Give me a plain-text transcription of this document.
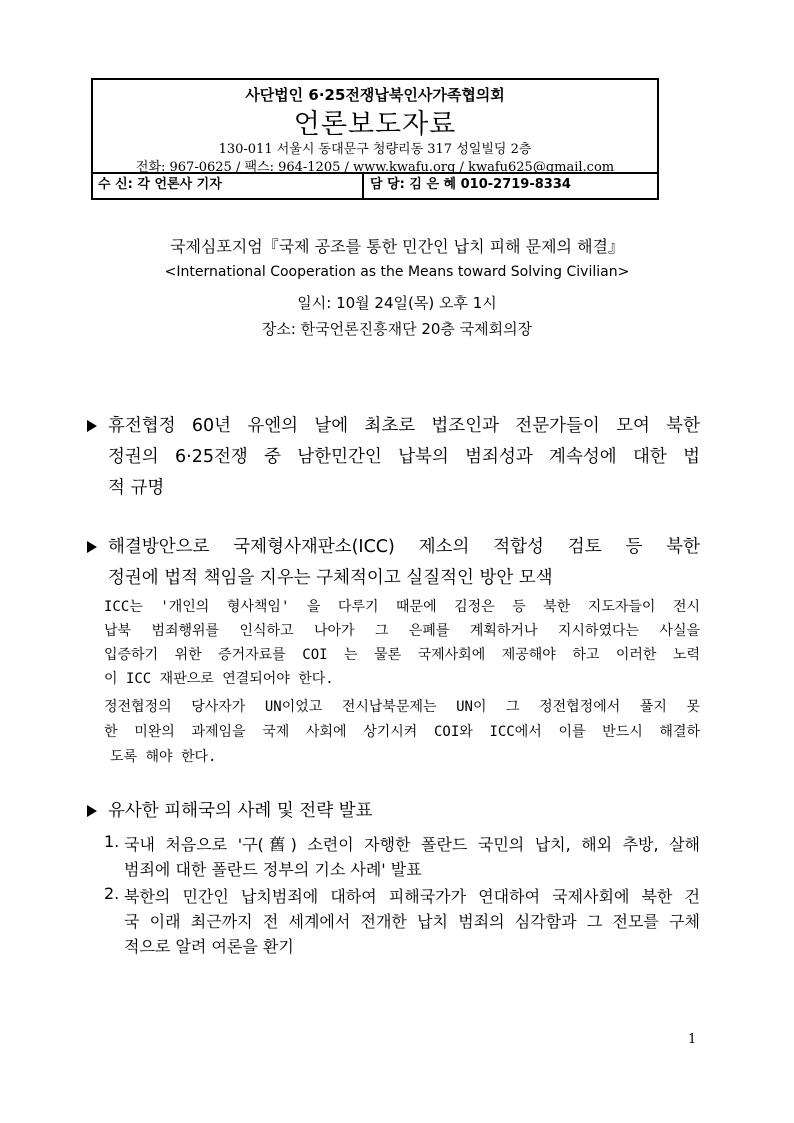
사단법인 6·25전쟁납북인사가족협의회
언론보도자료
130-011 서울시 동대문구 청량리동 317 성일빌딩 2층
전화: 967-0625 / 팩스: 964-1205 / www.kwafu.org / kwafu625@gmail.com
수 신: 각 언론사 기자	담 당: 김 은 혜 010-2719-8334
국제심포지엄『국제 공조를 통한 민간인 납치 피해 문제의 해결』
<International Cooperation as the Means toward Solving Civilian>
일시: 10월 24일(목) 오후 1시
장소: 한국언론진흥재단 20층 국제회의장
휴전협정 60년 유엔의 날에 최초로 법조인과 전문가들이 모여 북한
정권의 6·25전쟁 중 남한민간인 납북의 범죄성과 계속성에 대한 법
적 규명
해결방안으로 국제형사재판소(ICC) 제소의 적합성 검토 등 북한
정권에 법적 책임을 지우는 구체적이고 실질적인 방안 모색
ICC는 '개인의 형사책임' 을 다루기 때문에 김정은 등 북한 지도자들이 전시
납북 범죄행위를 인식하고 나아가 그 은폐를 계획하거나 지시하였다는 사실을
입증하기 위한 증거자료를 COI 는 물론 국제사회에 제공해야 하고 이러한 노력
이 ICC 재판으로 연결되어야 한다.
정전협정의 당사자가 UN이었고 전시납북문제는 UN이 그 정전협정에서 풀지 못
한 미완의 과제임을 국제 사회에 상기시켜 COI와 ICC에서 이를 반드시 해결하
도록 해야 한다.
유사한 피해국의 사례 및 전략 발표
1. 국내 처음으로 '구(舊) 소련이 자행한 폴란드 국민의 납치, 해외 추방, 살해
범죄에 대한 폴란드 정부의 기소 사례' 발표
2. 북한의 민간인 납치범죄에 대하여 피해국가가 연대하여 국제사회에 북한 건
국 이래 최근까지 전 세계에서 전개한 납치 범죄의 심각함과 그 전모를 구체
적으로 알려 여론을 환기
1
